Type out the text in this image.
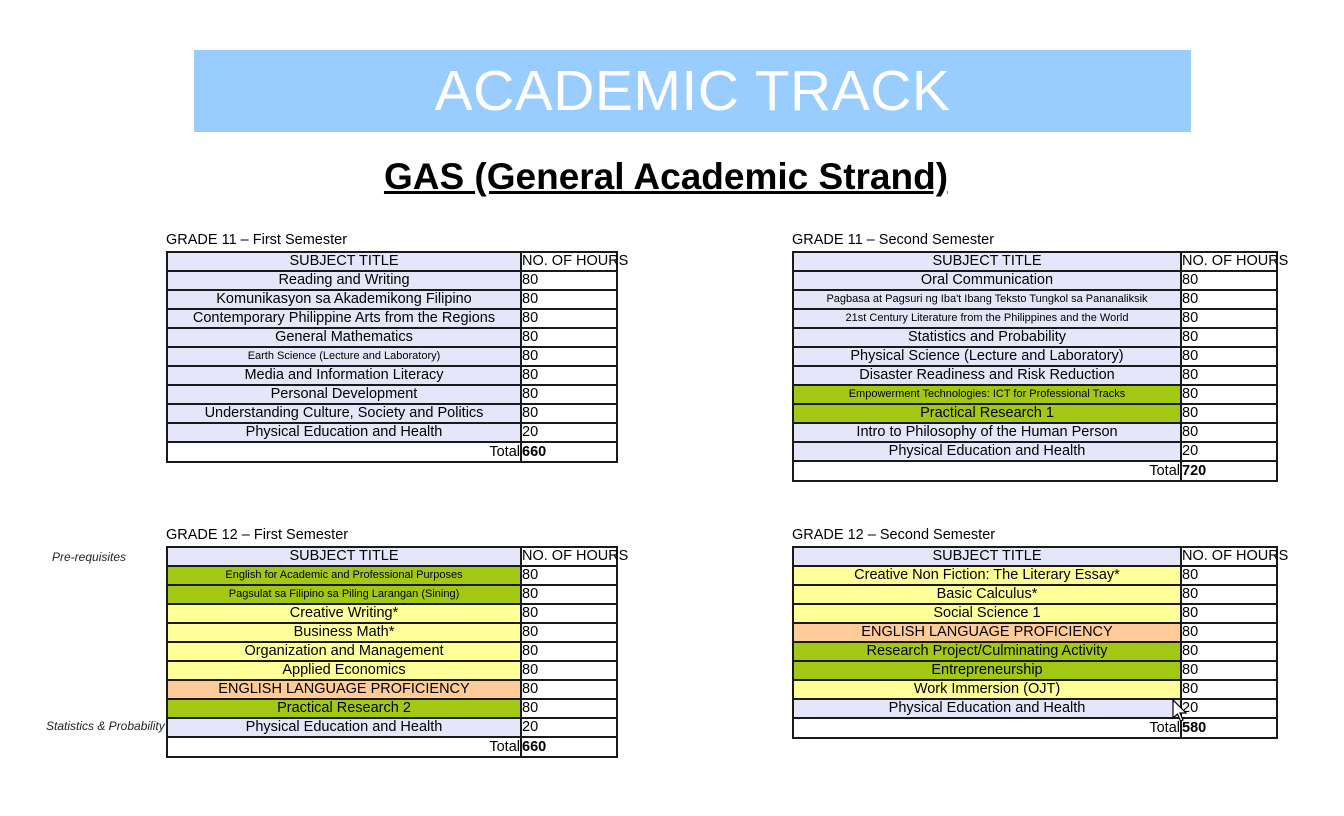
ACADEMIC TRACK
GAS (General Academic Strand)
Pre-requisites
Statistics & Probability
GRADE 11 – First Semester
SUBJECT TITLE	NO. OF HOURS
Reading and Writing	80
Komunikasyon sa Akademikong Filipino	80
Contemporary Philippine Arts from the Regions	80
General Mathematics	80
Earth Science (Lecture and Laboratory)	80
Media and Information Literacy	80
Personal Development	80
Understanding Culture, Society and Politics	80
Physical Education and Health	20
Total	660
GRADE 11 – Second Semester
SUBJECT TITLE	NO. OF HOURS
Oral Communication	80
Pagbasa at Pagsuri ng Iba't Ibang Teksto Tungkol sa Pananaliksik	80
21st Century Literature from the Philippines and the World	80
Statistics and Probability	80
Physical Science (Lecture and Laboratory)	80
Disaster Readiness and Risk Reduction	80
Empowerment Technologies: ICT for Professional Tracks	80
Practical Research 1	80
Intro to Philosophy of the Human Person	80
Physical Education and Health	20
Total	720
GRADE 12 – First Semester
SUBJECT TITLE	NO. OF HOURS
English for Academic and Professional Purposes	80
Pagsulat sa Filipino sa Piling Larangan (Sining)	80
Creative Writing*	80
Business Math*	80
Organization and Management	80
Applied Economics	80
ENGLISH LANGUAGE PROFICIENCY	80
Practical Research 2	80
Physical Education and Health	20
Total	660
GRADE 12 – Second Semester
SUBJECT TITLE	NO. OF HOURS
Creative Non Fiction: The Literary Essay*	80
Basic Calculus*	80
Social Science 1	80
ENGLISH LANGUAGE PROFICIENCY	80
Research Project/Culminating Activity	80
Entrepreneurship	80
Work Immersion (OJT)	80
Physical Education and Health	20
Total	580
